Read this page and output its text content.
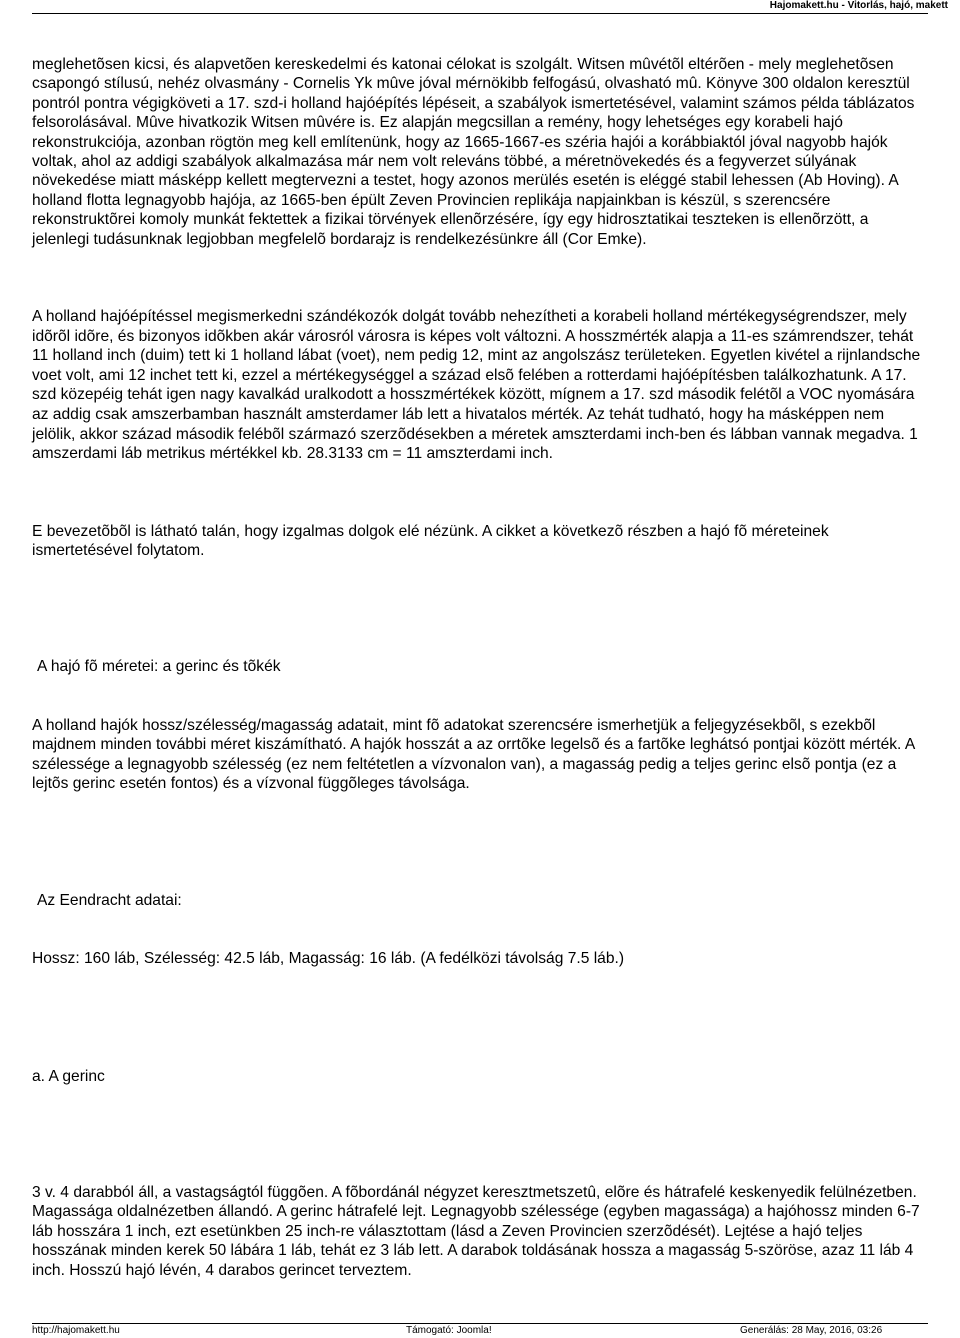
Hajomakett.hu - Vitorlás, hajó, makett

meglehetõsen kicsi, és alapvetõen kereskedelmi és katonai célokat is szolgált. Witsen mûvétõl eltérõen - mely meglehetõsen csapongó stílusú, nehéz olvasmány - Cornelis Yk mûve jóval mérnökibb felfogású, olvasható mû. Könyve 300 oldalon keresztül pontról pontra végigköveti a 17. szd-i holland hajóépítés lépéseit, a szabályok ismertetésével, valamint számos példa táblázatos felsorolásával. Mûve hivatkozik Witsen mûvére is. Ez alapján megcsillan a remény, hogy lehetséges egy korabeli hajó rekonstrukciója, azonban rögtön meg kell említenünk, hogy az 1665-1667-es széria hajói a korábbiaktól jóval nagyobb hajók voltak, ahol az addigi szabályok alkalmazása már nem volt releváns többé, a méretnövekedés és a fegyverzet súlyának növekedése miatt másképp kellett megtervezni a testet, hogy azonos merülés esetén is eléggé stabil lehessen (Ab Hoving). A holland flotta legnagyobb hajója, az 1665-ben épült Zeven Provincien replikája napjainkban is készül, s szerencsére rekonstruktõrei komoly munkát fektettek a fizikai törvények ellenõrzésére, így egy hidrosztatikai teszteken is ellenõrzött, a jelenlegi tudásunknak legjobban megfelelõ bordarajz is rendelkezésünkre áll (Cor Emke).

A holland hajóépítéssel megismerkedni szándékozók dolgát tovább nehezítheti a korabeli holland mértékegységrendszer, mely idõrõl idõre, és bizonyos idõkben akár városról városra is képes volt változni. A hosszmérték alapja a 11-es számrendszer, tehát 11 holland inch (duim) tett ki 1 holland lábat (voet), nem pedig 12, mint az angolszász területeken. Egyetlen kivétel a rijnlandsche voet volt, ami 12 inchet tett ki, ezzel a mértékegységgel a század elsõ felében a rotterdami hajóépítésben találkozhatunk. A 17. szd közepéig tehát igen nagy kavalkád uralkodott a hosszmértékek között, mígnem a 17. szd második felétõl a VOC nyomására az addig csak amszerbamban használt amsterdamer láb lett a hivatalos mérték. Az tehát tudható, hogy ha másképpen nem jelölik, akkor század második felébõl származó szerzõdésekben a méretek amszterdami inch-ben és lábban vannak megadva. 1 amszerdami láb metrikus mértékkel kb. 28.3133 cm = 11 amszterdami inch.

E bevezetõbõl is látható talán, hogy izgalmas dolgok elé nézünk. A cikket a következõ részben a hajó fõ méreteinek ismertetésével folytatom.

A hajó fõ méretei: a gerinc és tõkék

A holland hajók hossz/szélesség/magasság adatait, mint fõ adatokat szerencsére ismerhetjük a feljegyzésekbõl, s ezekbõl majdnem minden további méret kiszámítható. A hajók hosszát a az orrtõke legelsõ és a fartõke leghátsó pontjai között mérték. A szélessége a legnagyobb szélesség (ez nem feltétetlen a vízvonalon van), a magasság pedig a teljes gerinc elsõ pontja (ez a lejtõs gerinc esetén fontos) és a vízvonal függõleges távolsága.

Az Eendracht adatai:

Hossz: 160 láb, Szélesség: 42.5 láb, Magasság: 16 láb. (A fedélközi távolság 7.5 láb.)

a. A gerinc

3 v. 4 darabból áll, a vastagságtól függõen. A fõbordánál négyzet keresztmetszetû, elõre és hátrafelé keskenyedik felülnézetben. Magassága oldalnézetben állandó. A gerinc hátrafelé lejt. Legnagyobb szélessége (egyben magassága) a hajóhossz minden 6-7 láb hosszára 1 inch, ezt esetünkben 25 inch-re választottam (lásd a Zeven Provincien szerzõdését). Lejtése a hajó teljes hosszának minden kerek 50 lábára 1 láb, tehát ez 3 láb lett. A darabok toldásának hossza a magasság 5-szöröse, azaz 11 láb 4 inch. Hosszú hajó lévén, 4 darabos gerincet terveztem.

http://hajomakett.hu	Támogató: Joomla!	Generálás: 28 May, 2016, 03:26
